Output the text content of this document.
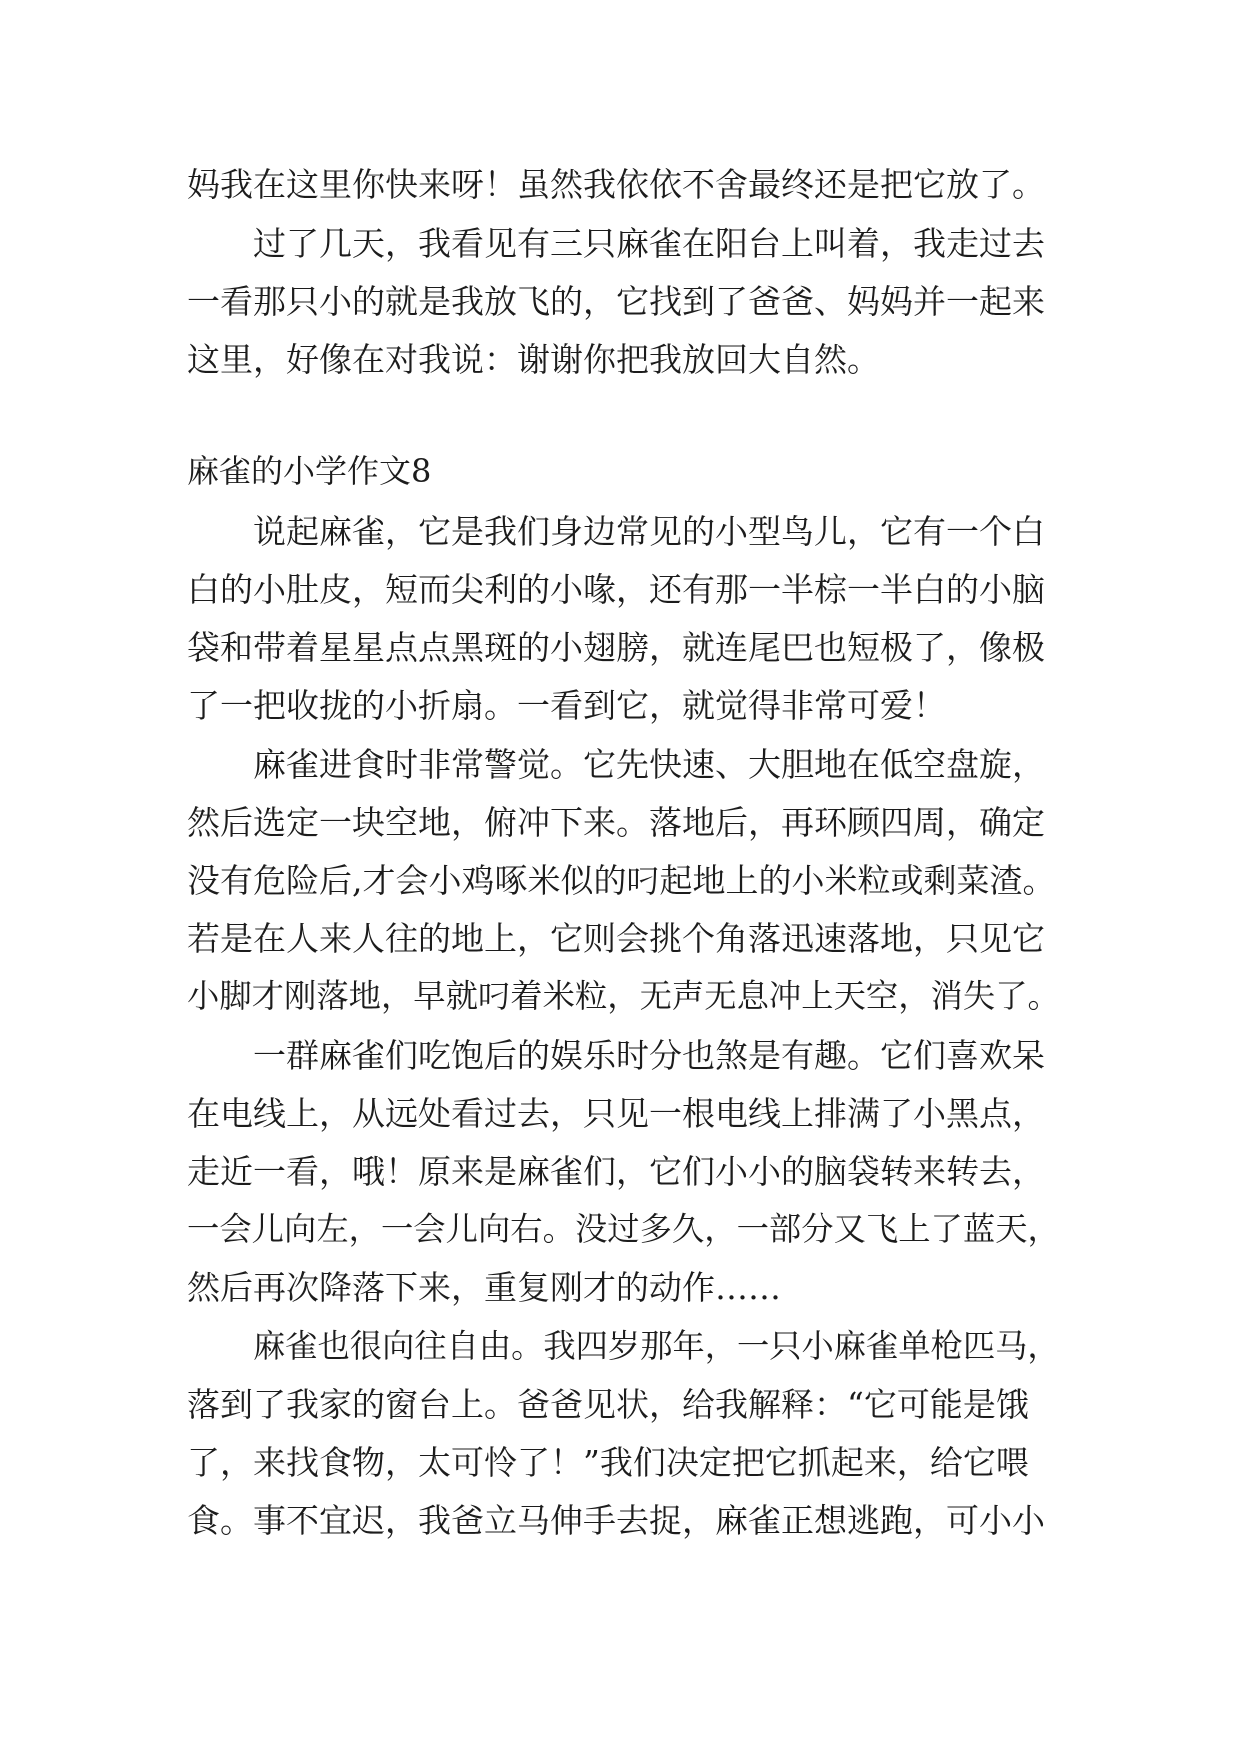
妈我在这里你快来呀！虽然我依依不舍最终还是把它放了。
过了几天，我看见有三只麻雀在阳台上叫着，我走过去
一看那只小的就是我放飞的，它找到了爸爸、妈妈并一起来
这里，好像在对我说：谢谢你把我放回大自然。
麻雀的小学作文8
说起麻雀，它是我们身边常见的小型鸟儿，它有一个白
白的小肚皮，短而尖利的小喙，还有那一半棕一半白的小脑
袋和带着星星点点黑斑的小翅膀，就连尾巴也短极了，像极
了一把收拢的小折扇。一看到它，就觉得非常可爱！
麻雀进食时非常警觉。它先快速、大胆地在低空盘旋，
然后选定一块空地，俯冲下来。落地后，再环顾四周，确定
没有危险后,才会小鸡啄米似的叼起地上的小米粒或剩菜渣。
若是在人来人往的地上，它则会挑个角落迅速落地，只见它
小脚才刚落地，早就叼着米粒，无声无息冲上天空，消失了。
一群麻雀们吃饱后的娱乐时分也煞是有趣。它们喜欢呆
在电线上，从远处看过去，只见一根电线上排满了小黑点，
走近一看，哦！原来是麻雀们，它们小小的脑袋转来转去，
一会儿向左，一会儿向右。没过多久，一部分又飞上了蓝天，
然后再次降落下来，重复刚才的动作……
麻雀也很向往自由。我四岁那年，一只小麻雀单枪匹马，
落到了我家的窗台上。爸爸见状，给我解释：“它可能是饿
了，来找食物，太可怜了！”我们决定把它抓起来，给它喂
食。事不宜迟，我爸立马伸手去捉，麻雀正想逃跑，可小小
